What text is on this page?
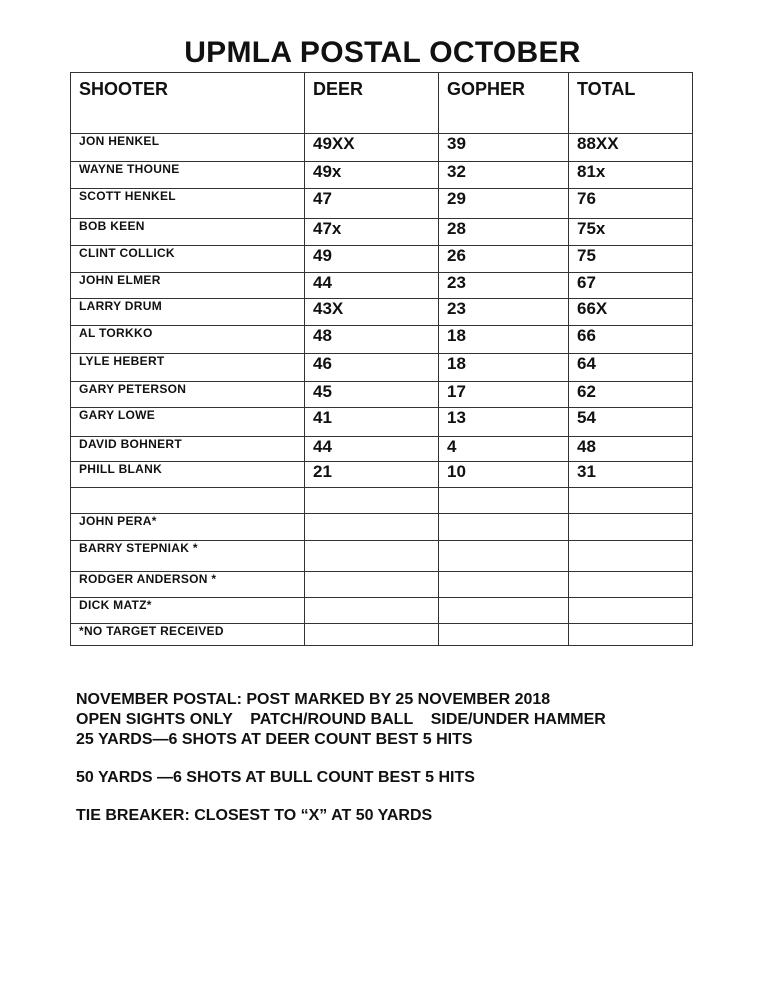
UPMLA POSTAL OCTOBER
SHOOTER	DEER	GOPHER	TOTAL
JON HENKEL	49XX	39	88XX
WAYNE THOUNE	49x	32	81x
SCOTT HENKEL	47	29	76
BOB KEEN	47x	28	75x
CLINT COLLICK	49	26	75
JOHN ELMER	44	23	67
LARRY DRUM	43X	23	66X
AL TORKKO	48	18	66
LYLE HEBERT	46	18	64
GARY PETERSON	45	17	62
GARY LOWE	41	13	54
DAVID BOHNERT	44	4	48
PHILL BLANK	21	10	31

JOHN PERA*			
BARRY STEPNIAK *			
RODGER ANDERSON *			
DICK MATZ*			
*NO TARGET RECEIVED			
NOVEMBER POSTAL: POST MARKED BY 25 NOVEMBER 2018
OPEN SIGHTS ONLY    PATCH/ROUND BALL    SIDE/UNDER HAMMER
25 YARDS—6 SHOTS AT DEER COUNT BEST 5 HITS
50 YARDS —6 SHOTS AT BULL COUNT BEST 5 HITS
TIE BREAKER: CLOSEST TO “X” AT 50 YARDS
